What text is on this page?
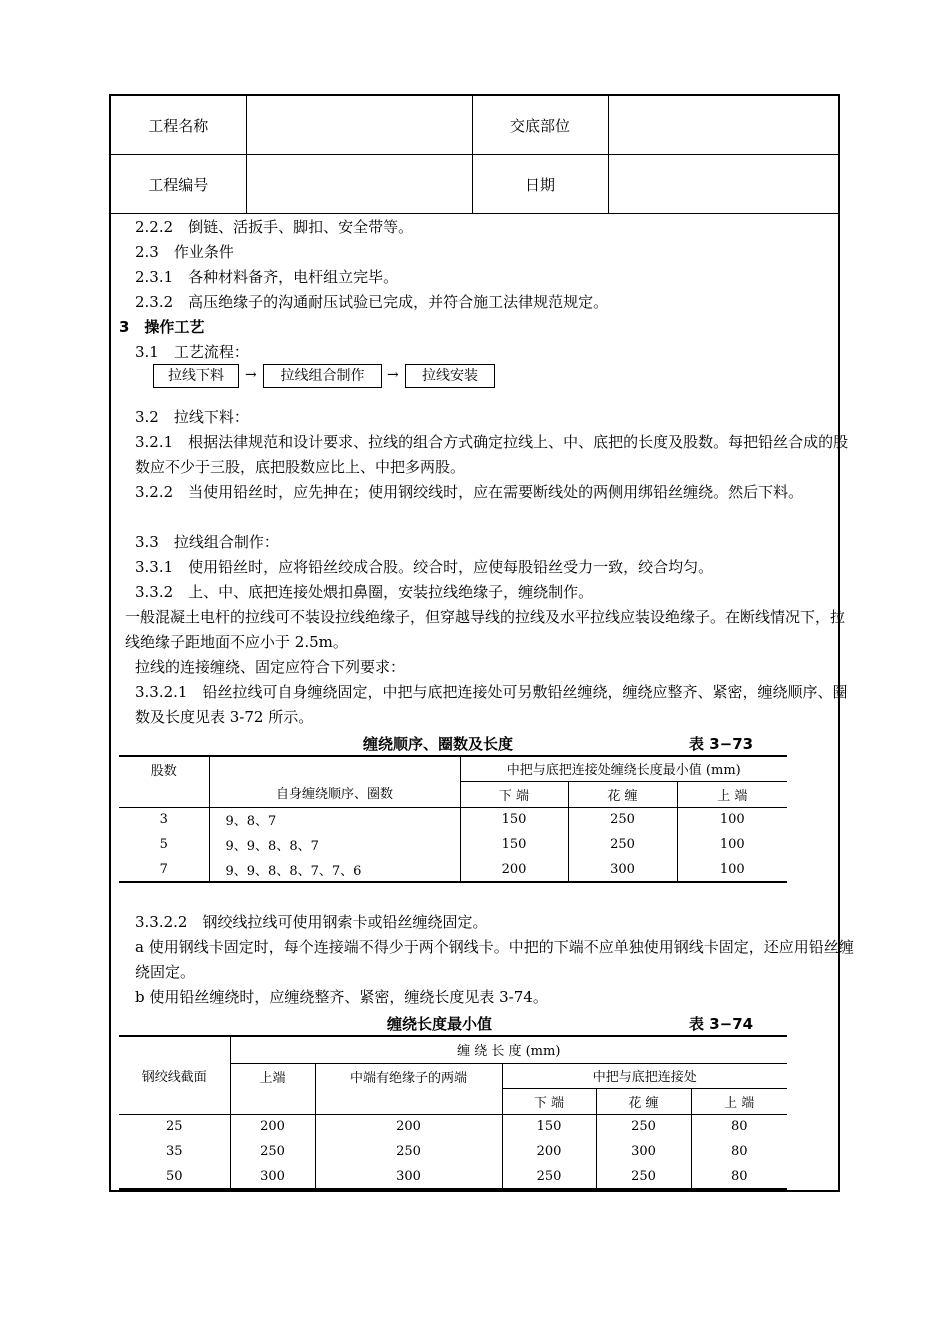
工程名称		交底部位	
工程编号		日期	
2.2.2　倒链、活扳手、脚扣、安全带等。
2.3　作业条件
2.3.1　各种材料备齐，电杆组立完毕。
2.3.2　高压绝缘子的沟通耐压试验已完成，并符合施工法律规范规定。
3　操作工艺
3.1　工艺流程：
拉线下料	→	拉线组合制作	→	拉线安装
3.2　拉线下料：
3.2.1　根据法律规范和设计要求、拉线的组合方式确定拉线上、中、底把的长度及股数。每把铅丝合成的股数应不少于三股，底把股数应比上、中把多两股。
3.2.2　当使用铅丝时，应先抻在；使用钢绞线时，应在需要断线处的两侧用绑铅丝缠绕。然后下料。
3.3　拉线组合制作：
3.3.1　使用铅丝时，应将铅丝绞成合股。绞合时，应使每股铅丝受力一致，绞合均匀。
3.3.2　上、中、底把连接处煨扣鼻圈，安装拉线绝缘子，缠绕制作。
一般混凝土电杆的拉线可不装设拉线绝缘子，但穿越导线的拉线及水平拉线应装设绝缘子。在断线情况下，拉线绝缘子距地面不应小于 2.5m。
拉线的连接缠绕、固定应符合下列要求：
3.3.2.1　铅丝拉线可自身缠绕固定，中把与底把连接处可另敷铅丝缠绕，缠绕应整齐、紧密，缠绕顺序、圈数及长度见表 3-72 所示。
缠绕顺序、圈数及长度	表 3−73
股数	自身缠绕顺序、圈数	中把与底把连接处缠绕长度最小值 (mm)		
		下 端	花 缠	上 端
3	9、8、7	150	250	100
5	9、9、8、8、7	150	250	100
7	9、9、8、8、7、7、6	200	300	100
3.3.2.2　钢绞线拉线可使用钢索卡或铅丝缠绕固定。
a 使用钢线卡固定时，每个连接端不得少于两个钢线卡。中把的下端不应单独使用钢线卡固定，还应用铅丝缠绕固定。
b 使用铅丝缠绕时，应缠绕整齐、紧密，缠绕长度见表 3-74。
缠绕长度最小值	表 3−74
钢绞线截面	缠 绕 长 度 (mm)				
	上端	中端有绝缘子的两端	中把与底把连接处		
			下 端	花 缠	上 端
25	200	200	150	250	80
35	250	250	200	300	80
50	300	300	250	250	80
